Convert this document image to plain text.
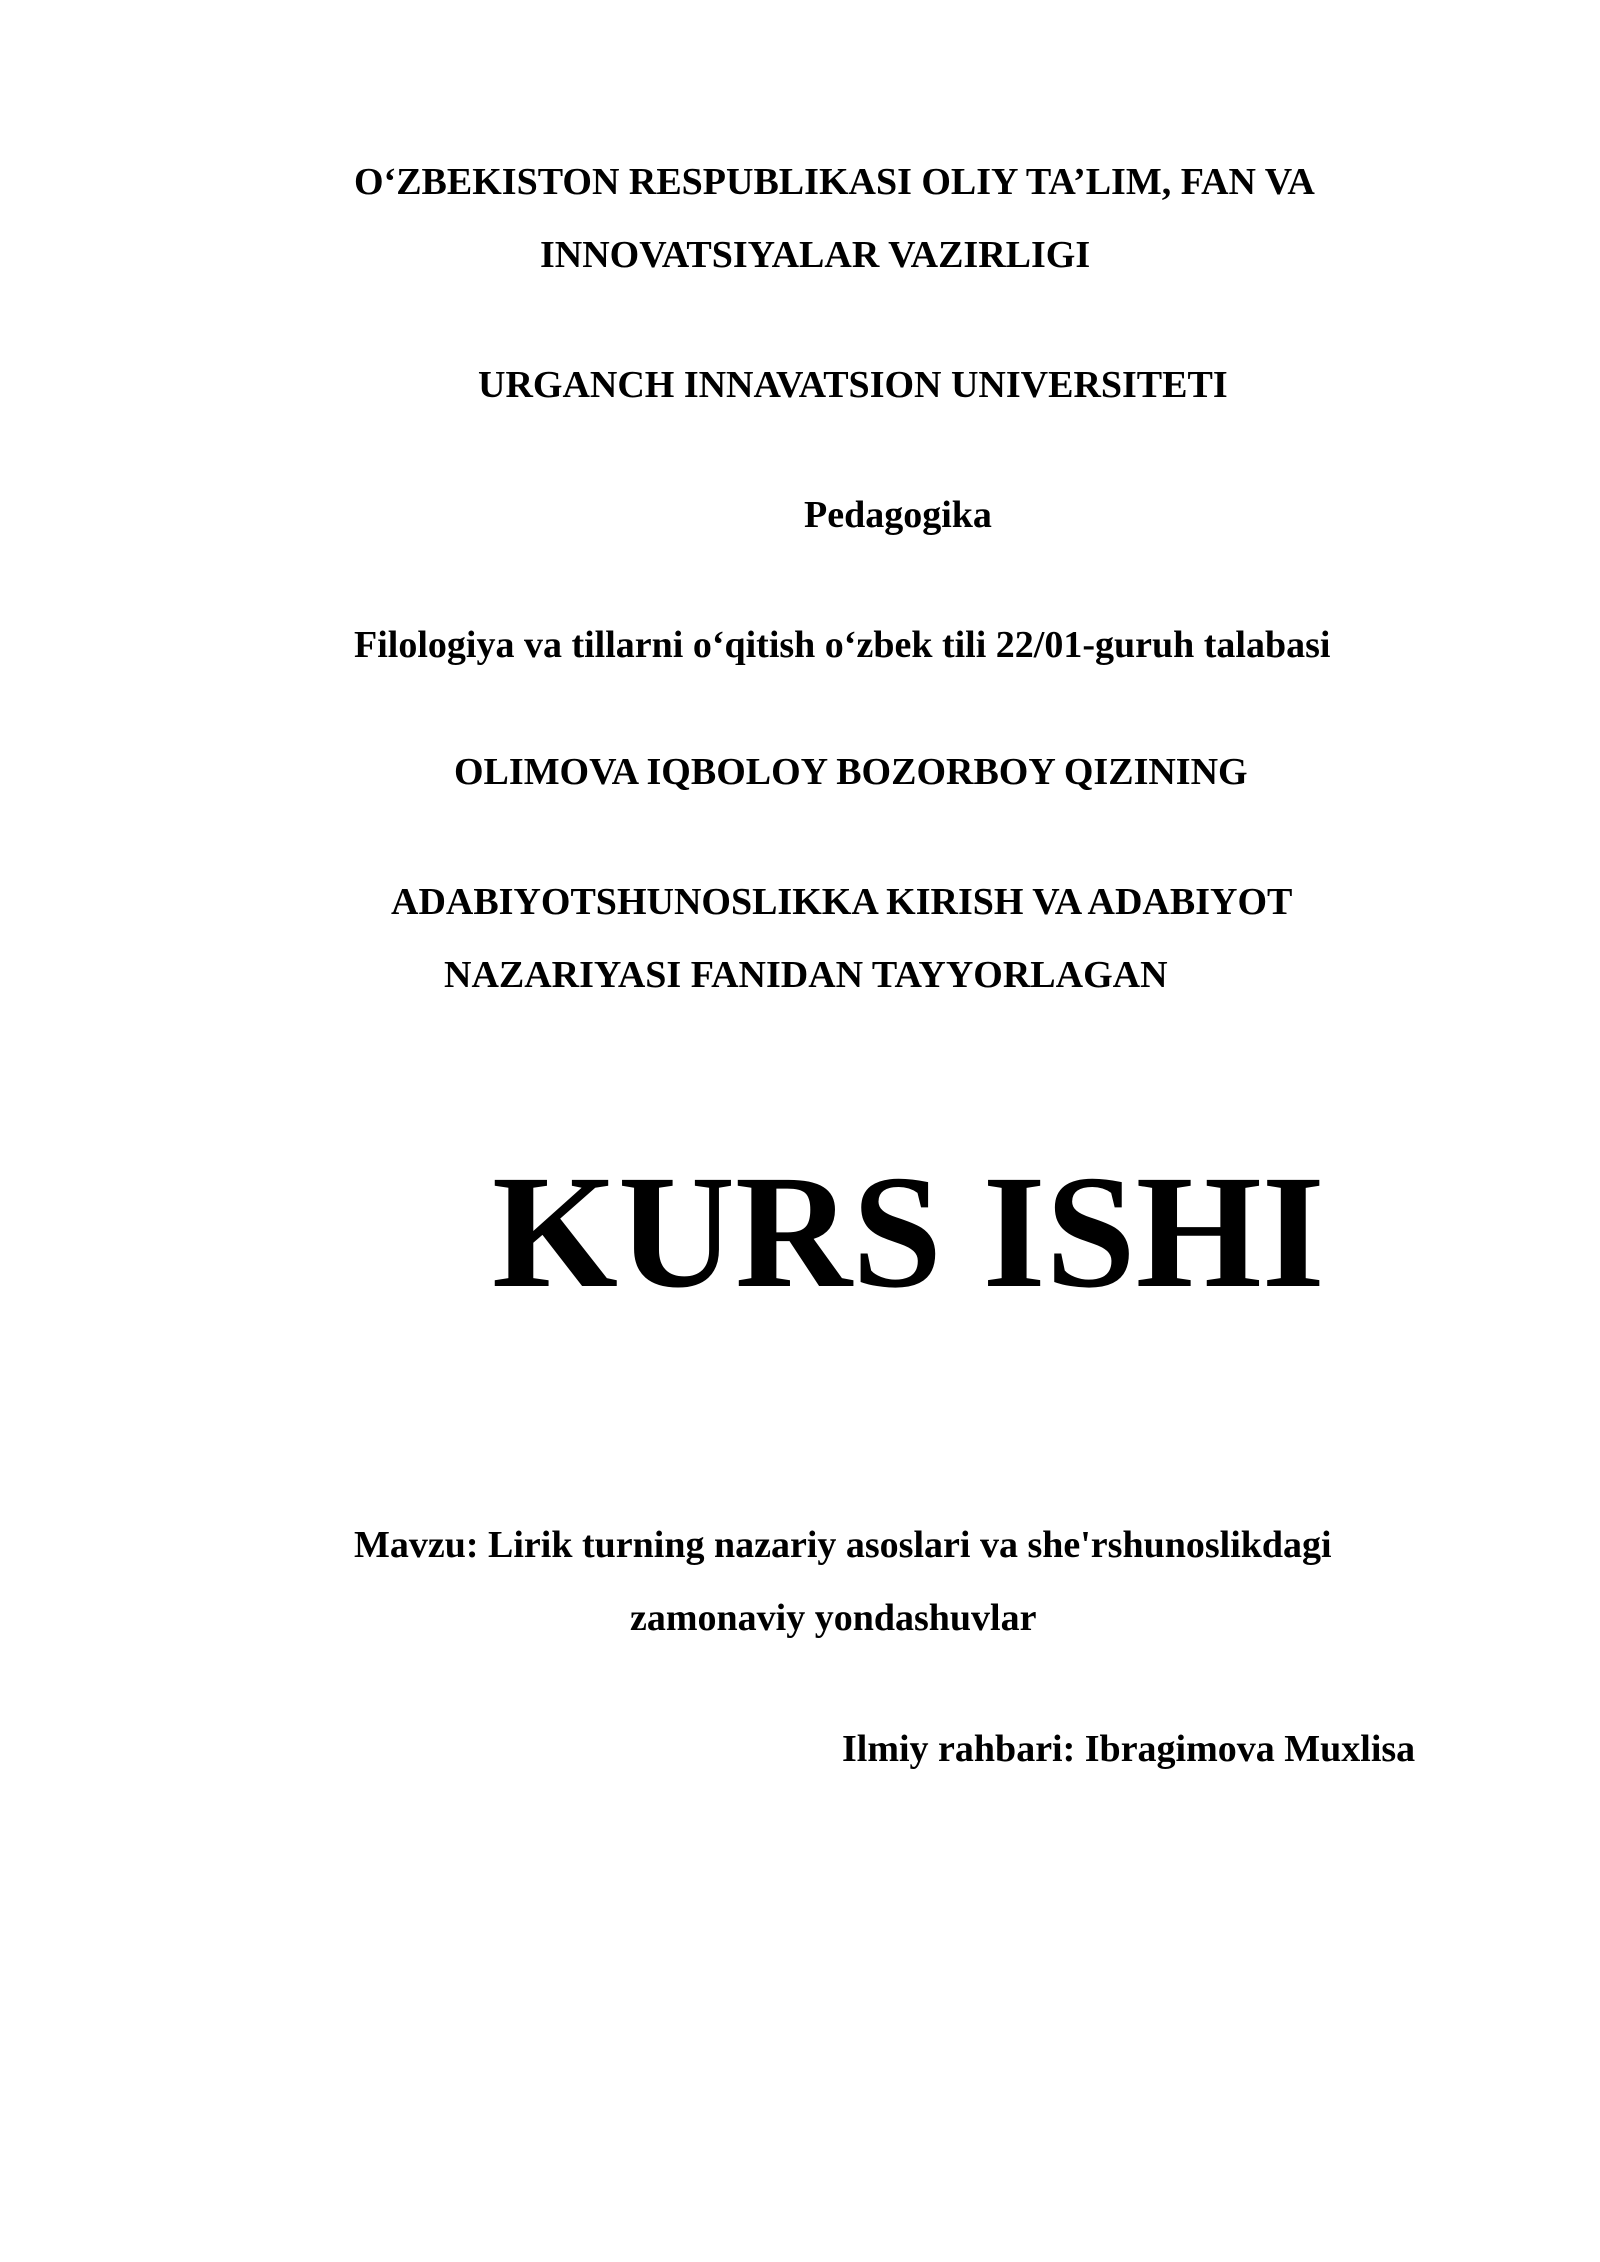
O‘ZBEKISTON RESPUBLIKASI OLIY TA’LIM, FAN VA
INNOVATSIYALAR VAZIRLIGI
URGANCH INNAVATSION UNIVERSITETI
Pedagogika
Filologiya va tillarni o‘qitish o‘zbek tili 22/01-guruh talabasi
OLIMOVA IQBOLOY BOZORBOY QIZINING
ADABIYOTSHUNOSLIKKA KIRISH VA ADABIYOT
NAZARIYASI FANIDAN TAYYORLAGAN
KURS ISHI
Mavzu: Lirik turning nazariy asoslari va she'rshunoslikdagi
zamonaviy yondashuvlar
Ilmiy rahbari: Ibragimova Muxlisa
